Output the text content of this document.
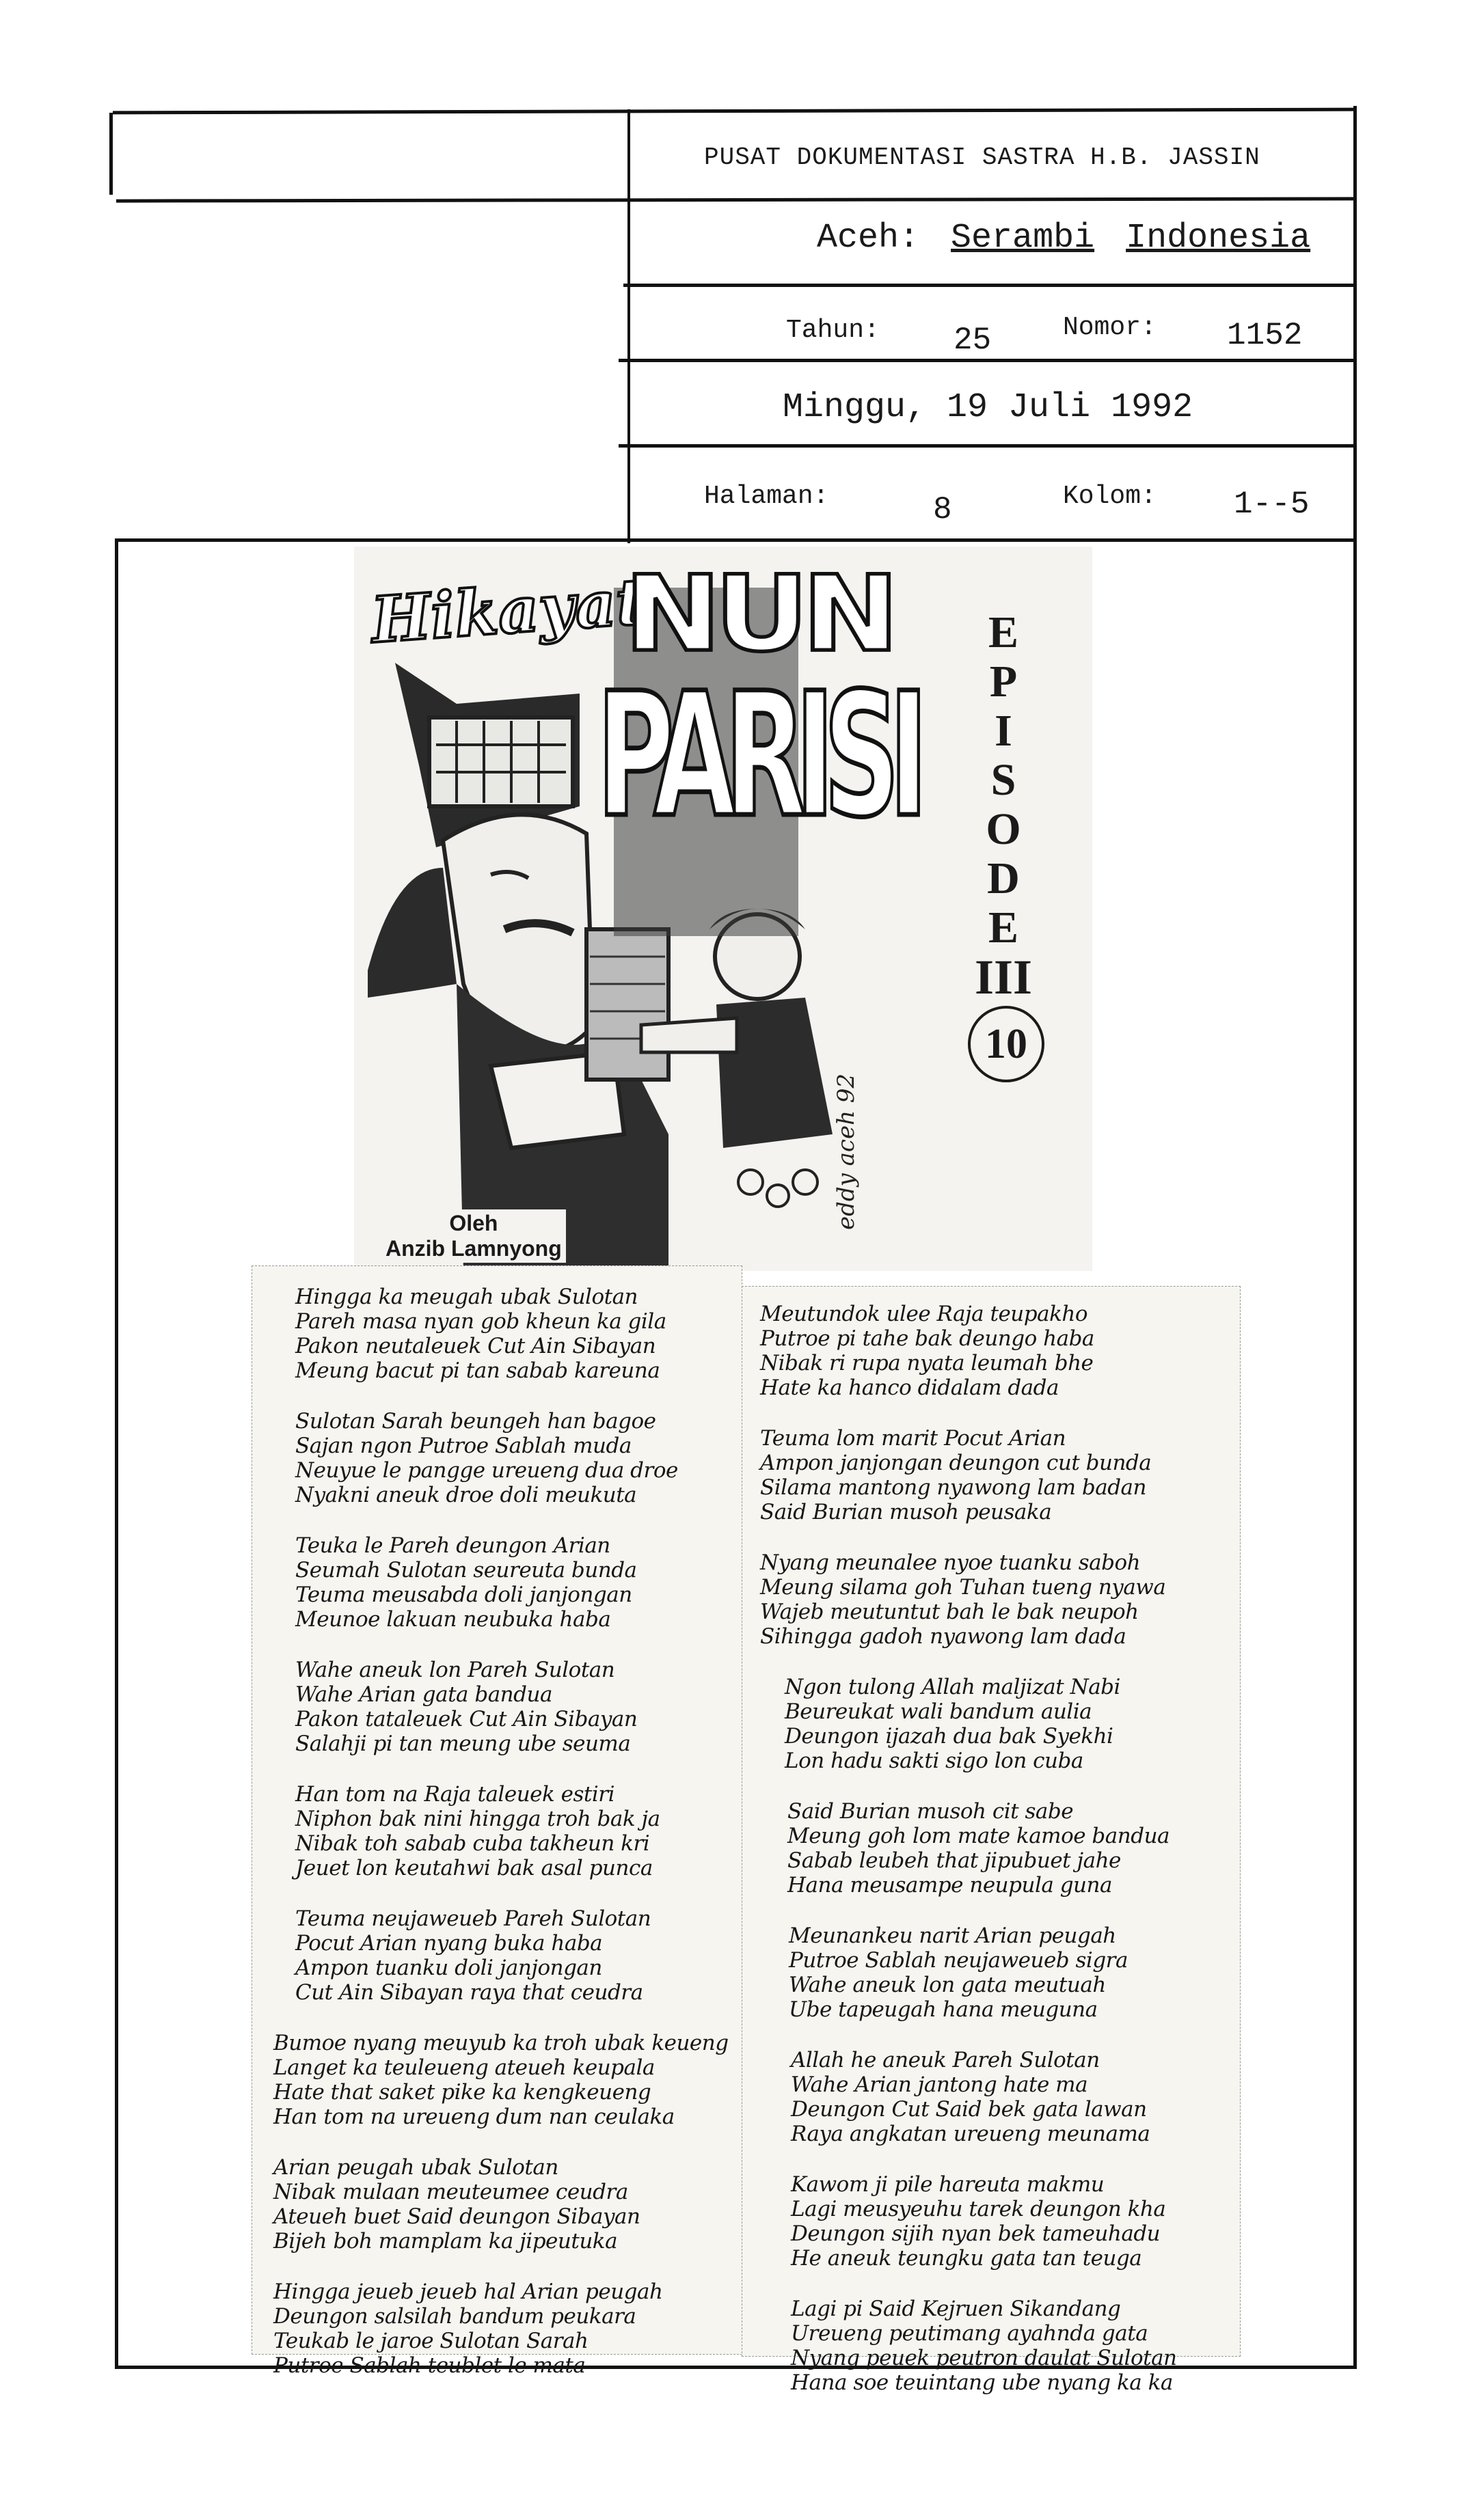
PUSAT DOKUMENTASI SASTRA H.B. JASSIN
Aceh: Serambi Indonesia
Tahun: 25	Nomor: 1152
Minggu, 19 Juli 1992
Halaman:	8	Kolom: 1--5
Hikayat
NUN
PARISI
Oleh
Anzib Lamnyong
eddy aceh 92
E
P
I
S
O
D
E
III
10
Hingga ka meugah ubak Sulotan
Pareh masa nyan gob kheun ka gila
Pakon neutaleuek Cut Ain Sibayan
Meung bacut pi tan sabab kareuna
Sulotan Sarah beungeh han bagoe
Sajan ngon Putroe Sablah muda
Neuyue le pangge ureueng dua droe
Nyakni aneuk droe doli meukuta
Teuka le Pareh deungon Arian
Seumah Sulotan seureuta bunda
Teuma meusabda doli janjongan
Meunoe lakuan neubuka haba
Wahe aneuk lon Pareh Sulotan
Wahe Arian gata bandua
Pakon tataleuek Cut Ain Sibayan
Salahji pi tan meung ube seuma
Han tom na Raja taleuek estiri
Niphon bak nini hingga troh bak ja
Nibak toh sabab cuba takheun kri
Jeuet lon keutahwi bak asal punca
Teuma neujaweueb Pareh Sulotan
Pocut Arian nyang buka haba
Ampon tuanku doli janjongan
Cut Ain Sibayan raya that ceudra
Bumoe nyang meuyub ka troh ubak keueng
Langet ka teuleueng ateueh keupala
Hate that saket pike ka kengkeueng
Han tom na ureueng dum nan ceulaka
Arian peugah ubak Sulotan
Nibak mulaan meuteumee ceudra
Ateueh buet Said deungon Sibayan
Bijeh boh mamplam ka jipeutuka
Hingga jeueb jeueb hal Arian peugah
Deungon salsilah bandum peukara
Teukab le jaroe Sulotan Sarah
Putroe Sablah teublet le mata
Meutundok ulee Raja teupakho
Putroe pi tahe bak deungo haba
Nibak ri rupa nyata leumah bhe
Hate ka hanco didalam dada
Teuma lom marit Pocut Arian
Ampon janjongan deungon cut bunda
Silama mantong nyawong lam badan
Said Burian musoh peusaka
Nyang meunalee nyoe tuanku saboh
Meung silama goh Tuhan tueng nyawa
Wajeb meutuntut bah le bak neupoh
Sihingga gadoh nyawong lam dada
Ngon tulong Allah maljizat Nabi
Beureukat wali bandum aulia
Deungon ijazah dua bak Syekhi
Lon hadu sakti sigo lon cuba
Said Burian musoh cit sabe
Meung goh lom mate kamoe bandua
Sabab leubeh that jipubuet jahe
Hana meusampe neupula guna
Meunankeu narit Arian peugah
Putroe Sablah neujaweueb sigra
Wahe aneuk lon gata meutuah
Ube tapeugah hana meuguna
Allah he aneuk Pareh Sulotan
Wahe Arian jantong hate ma
Deungon Cut Said bek gata lawan
Raya angkatan ureueng meunama
Kawom ji pile hareuta makmu
Lagi meusyeuhu tarek deungon kha
Deungon sijih nyan bek tameuhadu
He aneuk teungku gata tan teuga
Lagi pi Said Kejruen Sikandang
Ureueng peutimang ayahnda gata
Nyang peuek peutron daulat Sulotan
Hana soe teuintang ube nyang ka ka
